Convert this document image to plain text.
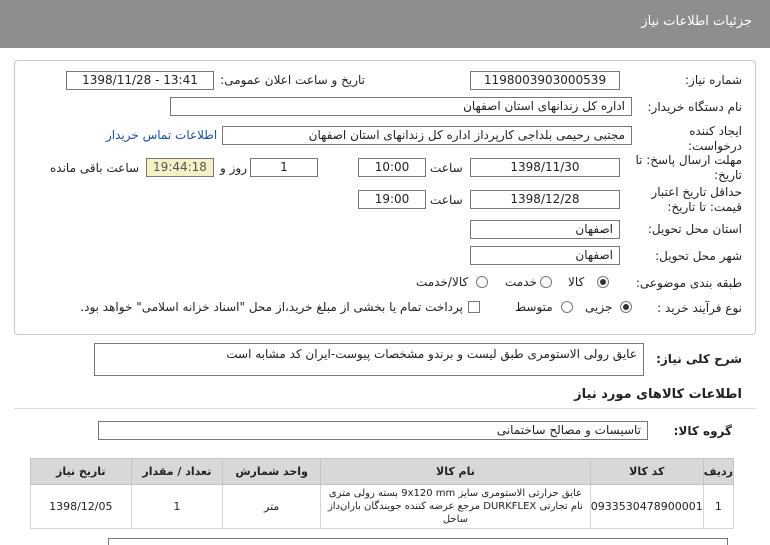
جزئیات اطلاعات نیاز
شماره نیاز:
1198003903000539
تاریخ و ساعت اعلان عمومی:
1398/11/28 - 13:41
نام دستگاه خریدار:
اداره کل زندانهای استان اصفهان
ایجاد کننده درخواست:
مجتبی رحیمی بلداجی کارپرداز اداره کل زندانهای استان اصفهان
اطلاعات تماس خریدار
مهلت ارسال پاسخ: تا تاریخ:
1398/11/30
ساعت
10:00
1
روز و
19:44:18
ساعت باقی مانده
حداقل تاریخ اعتبار قیمت: تا تاریخ:
1398/12/28
ساعت
19:00
استان محل تحویل:
اصفهان
شهر محل تحویل:
اصفهان
طبقه بندی موضوعی:
کالا
خدمت
کالا/خدمت
نوع فرآیند خرید :
جزیی
متوسط
پرداخت تمام یا بخشی از مبلغ خرید،از محل "اسناد خزانه اسلامی" خواهد بود.
شرح کلی نیاز:
عایق رولی الاستومری طبق لیست و برندو مشخصات پیوست-ایران کد مشابه است
اطلاعات کالاهای مورد نیاز
گروه کالا:
تاسیسات و مصالح ساختمانی
ردیف	کد کالا	نام کالا	واحد شمارش	تعداد / مقدار	تاریخ نیاز
1	0933530478900001	عایق حرارتی الاستومری سایز 9x120 mm بسته رولی متری نام تجارتی DURKFLEX مرجع عرضه کننده جویندگان باران‌داز ساحل	متر	1	1398/12/05
